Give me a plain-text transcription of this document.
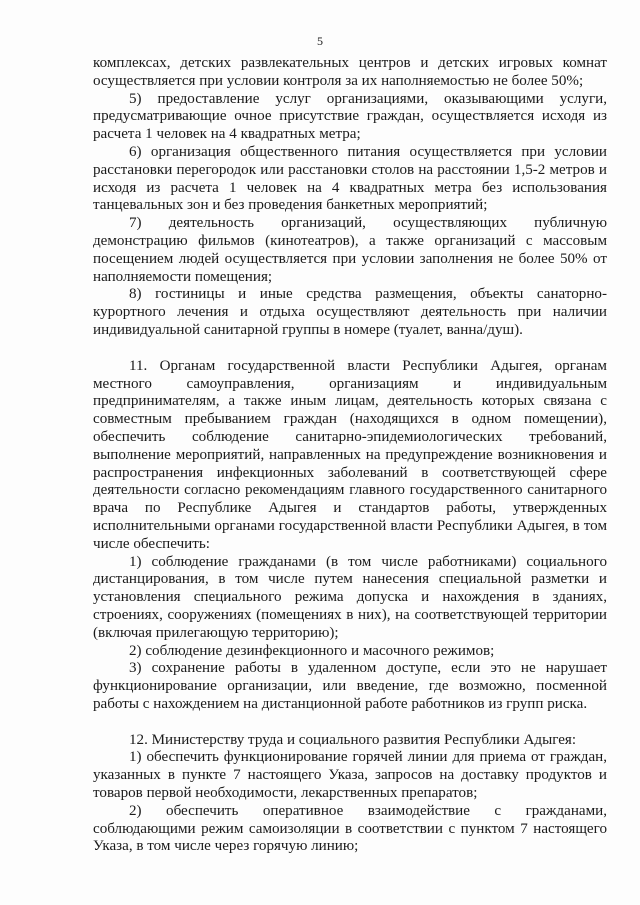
5

комплексах, детских развлекательных центров и детских игровых комнат осуществляется при условии контроля за их наполняемостью не более 50%;

5) предоставление услуг организациями, оказывающими услуги, предусматривающие очное присутствие граждан, осуществляется исходя из расчета 1 человек на 4 квадратных метра;

6) организация общественного питания осуществляется при условии расстановки перегородок или расстановки столов на расстоянии 1,5-2 метров и исходя из расчета 1 человек на 4 квадратных метра без использования танцевальных зон и без проведения банкетных мероприятий;

7) деятельность организаций, осуществляющих публичную демонстрацию фильмов (кинотеатров), а также организаций с массовым посещением людей осуществляется при условии заполнения не более 50% от наполняемости помещения;

8) гостиницы и иные средства размещения, объекты санаторно-курортного лечения и отдыха осуществляют деятельность при наличии индивидуальной санитарной группы в номере (туалет, ванна/душ).

11. Органам государственной власти Республики Адыгея, органам местного самоуправления, организациям и индивидуальным предпринимателям, а также иным лицам, деятельность которых связана с совместным пребыванием граждан (находящихся в одном помещении), обеспечить соблюдение санитарно-эпидемиологических требований, выполнение мероприятий, направленных на предупреждение возникновения и распространения инфекционных заболеваний в соответствующей сфере деятельности согласно рекомендациям главного государственного санитарного врача по Республике Адыгея и стандартов работы, утвержденных исполнительными органами государственной власти Республики Адыгея, в том числе обеспечить:

1) соблюдение гражданами (в том числе работниками) социального дистанцирования, в том числе путем нанесения специальной разметки и установления специального режима допуска и нахождения в зданиях, строениях, сооружениях (помещениях в них), на соответствующей территории (включая прилегающую территорию);

2) соблюдение дезинфекционного и масочного режимов;

3) сохранение работы в удаленном доступе, если это не нарушает функционирование организации, или введение, где возможно, посменной работы с нахождением на дистанционной работе работников из групп риска.

12. Министерству труда и социального развития Республики Адыгея:

1) обеспечить функционирование горячей линии для приема от граждан, указанных в пункте 7 настоящего Указа, запросов на доставку продуктов и товаров первой необходимости, лекарственных препаратов;

2) обеспечить оперативное взаимодействие с гражданами, соблюдающими режим самоизоляции в соответствии с пунктом 7 настоящего Указа, в том числе через горячую линию;
